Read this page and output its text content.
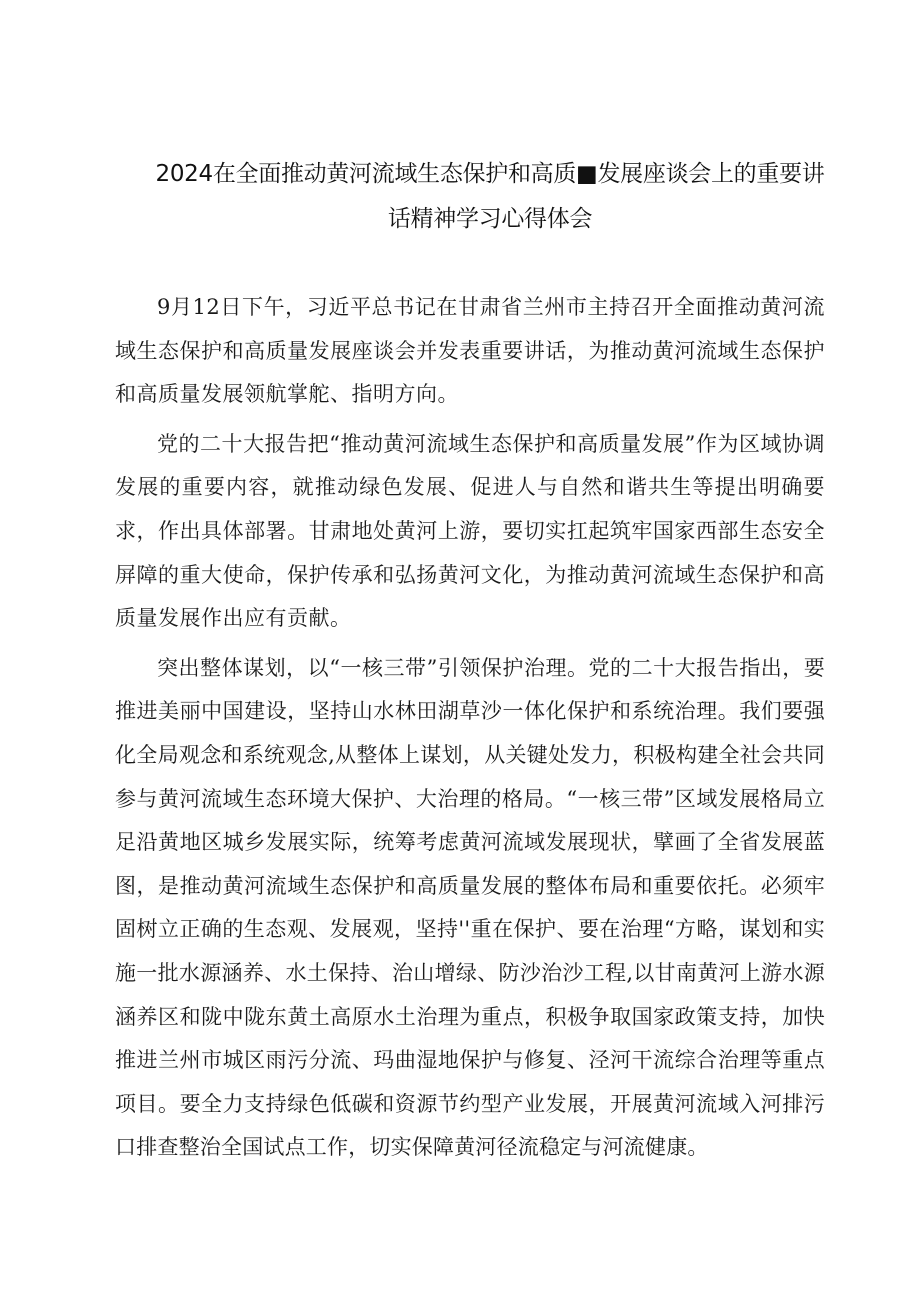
2024在全面推动黄河流域生态保护和高质■发展座谈会上的重要讲
话精神学习心得体会

9月12日下午，习近平总书记在甘肃省兰州市主持召开全面推动黄河流域生态保护和高质量发展座谈会并发表重要讲话，为推动黄河流域生态保护和高质量发展领航掌舵、指明方向。

党的二十大报告把“推动黄河流域生态保护和高质量发展”作为区域协调发展的重要内容，就推动绿色发展、促进人与自然和谐共生等提出明确要求，作出具体部署。甘肃地处黄河上游，要切实扛起筑牢国家西部生态安全屏障的重大使命，保护传承和弘扬黄河文化，为推动黄河流域生态保护和高质量发展作出应有贡献。

突出整体谋划，以“一核三带”引领保护治理。党的二十大报告指出，要推进美丽中国建设，坚持山水林田湖草沙一体化保护和系统治理。我们要强化全局观念和系统观念,从整体上谋划，从关键处发力，积极构建全社会共同参与黄河流域生态环境大保护、大治理的格局。“一核三带”区域发展格局立足沿黄地区城乡发展实际，统筹考虑黄河流域发展现状，擘画了全省发展蓝图，是推动黄河流域生态保护和高质量发展的整体布局和重要依托。必须牢固树立正确的生态观、发展观，坚持''重在保护、要在治理“方略，谋划和实施一批水源涵养、水土保持、治山增绿、防沙治沙工程,以甘南黄河上游水源涵养区和陇中陇东黄土高原水土治理为重点，积极争取国家政策支持，加快推进兰州市城区雨污分流、玛曲湿地保护与修复、泾河干流综合治理等重点项目。要全力支持绿色低碳和资源节约型产业发展，开展黄河流域入河排污口排查整治全国试点工作，切实保障黄河径流稳定与河流健康。
